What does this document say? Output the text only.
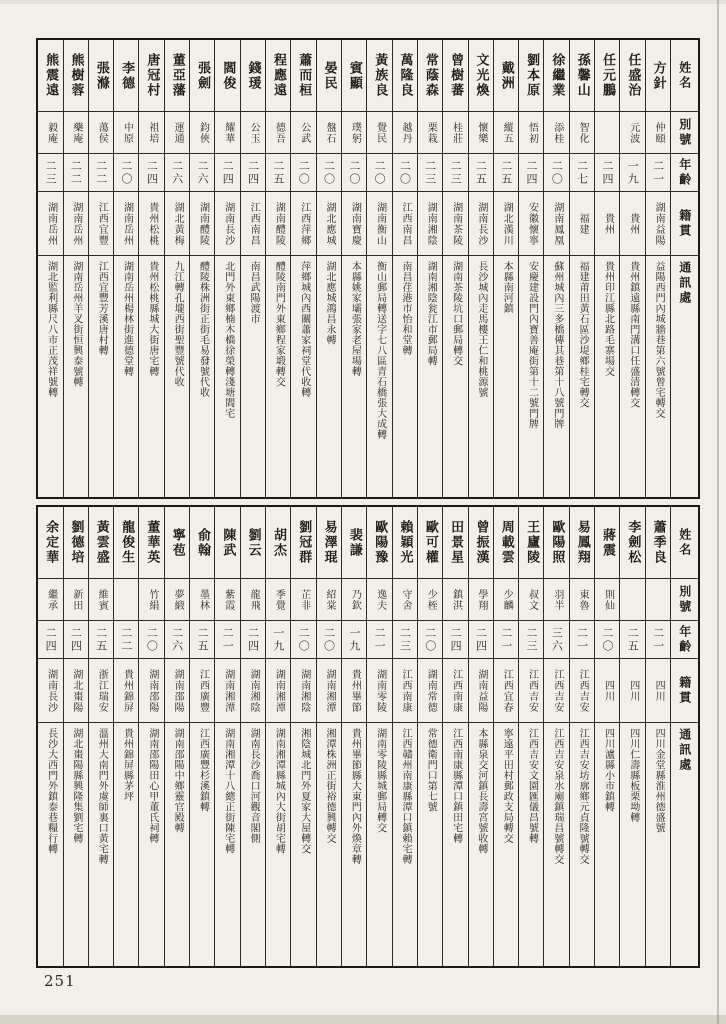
姓名
別號
年齡
籍貫
通訊處
方針
仲頤
二一
湖南益陽
益陽西門內城牆巷第六號曾宅轉交
任盛治
元波
一九
貴州
貴州鎮遠縣南門溝口任盛清轉交
任元鵬
二四
貴州
貴州印江縣北路毛寨場交
孫馨山
智化
二七
福建
福建莆田黃石區沙堤鄉桂宅轉交
徐繼業
添桂
二〇
湖南鳳凰
蘇州城內三多橋傳其巷第十八號門牌
劉本原
悟初
二四
安徽懷寧
安慶建設門內寶善庵街第十二號門牌
戴洲
縱五
二五
湖北漢川
本縣南河鎮
文光煥
懷樂
二五
湖南長沙
長沙城內走馬樓王仁和桃源號
曾樹蕃
桂莊
二三
湖南茶陵
湖南茶陵坑口郵局轉交
常蔭森
栗栽
二三
湖南湘陰
湖南湘陰瓮江市郵局轉
萬隆良
越丹
二〇
江西南昌
南昌荏港市怡和堂轉
黃族良
覺民
二〇
湖南衡山
衡山郵局轉送字七八區青石橋張大成轉
賓顯
璞躬
二〇
湖南寶慶
本縣姚家壩張家老屋場轉
晏民
盤石
二〇
湖北應城
湖北應城鴻昌永轉
蕭而桓
公武
二〇
江西萍鄉
萍鄉城內西關蕭家祠堂代收轉
程應遠
德吾
二五
湖南醴陵
醴陵南門外東鄉程家塅轉交
錢瑗
公玉
二四
江西南昌
南昌武陽渡市
閻俊
耀華
二四
湖南長沙
北門外東鄉楠木橋徐榮轉淺塘閻宅
張劍
鈞俠
二六
湖南醴陵
醴陵株洲街正街毛易發號代收
董亞藩
運通
二六
湖北黃梅
九江轉孔壠西街聖豐號代收
唐冠村
祖培
二四
貴州松桃
貴州松桃縣城大街唐宅轉
李德
中原
二〇
湖南岳州
湖南岳州楊林街進德堂轉
張滌
蕩侯
二二
江西宜豐
江西宜豐芳溪唐村轉
熊樹蓉
藥庵
二二
湖南岳州
湖南岳州羊叉街恒興泰號轉
熊震遠
毅庵
二三
湖南岳州
湖北監利縣尺八市正茂祥號轉
姓名
別號
年齡
籍貫
通訊處
蕭季良
二一
四川
四川金堂縣淮州德盛號
李劍松
二五
四川
四川仁壽縣板栗坳轉
蔣震
則仙
二〇
四川
四川瀘縣小市鎮轉
易鳳翔
東魯
二一
江西吉安
江西吉安坊廓鄉元貞隆號轉交
歐陽照
羽半
三六
江西吉安
江西吉安泉水廟鎮瑞昌號轉交
王廬陵
叔文
二三
江西吉安
江西吉安文園匯儀昌號轉
周載雲
少麟
二一
江西宜春
寧遠平田村郵政支局轉交
曾振漢
學翔
二四
湖南益陽
本縣泉交河鎮長壽宮號收轉
田景星
鎮淇
二四
江西南康
江西南康縣潭口鎮田宅轉
歐可權
少桎
二〇
湖南常德
常德衛門口第七號
賴穎光
守舍
二三
江西南康
江西贛州南康縣潭口鎮賴宅轉
歐陽豫
逸夫
二一
湖南零陵
湖南零陵縣城郵局轉交
裴謙
乃欽
一九
貴州畢節
貴州畢節縣大東門內外煥章轉
易澤琨
紹棠
二〇
湖南湘潭
湘潭株洲正街裕德興轉交
劉冠群
芷非
二〇
湖南湘陰
湘陰城北門外夏家大屋轉交
胡杰
季覺
一九
湖南湘潭
湖南湘潭縣城內大街胡宅轉
劉云
龍飛
二四
湖南湘陰
湖南長沙喬口河觀音閣側
陳武
紫霞
二一
湖南湘潭
湖南湘潭十八總正街陳宅轉
俞翰
墨林
二五
江西廣豐
江西廣豐杉溪鎮轉
寧苞
夢緞
二六
湖南邵陽
湖南邵陽中鄉靈官殿轉
董華英
竹絹
二〇
湖南邵陽
湖南邵陽田心甲董氏祠轉
龍俊生
二二
貴州錦屏
貴州錦屏縣茅坪
黃雲盛
維賓
二五
浙江瑞安
溫州大南門外虞師裏口黃宅轉
劉德培
新田
二四
湖北棗陽
湖北棗陽縣興隆集劉宅轉
余定華
繼承
二四
湖南長沙
長沙大西門外鎮泰巷糧行轉
251
